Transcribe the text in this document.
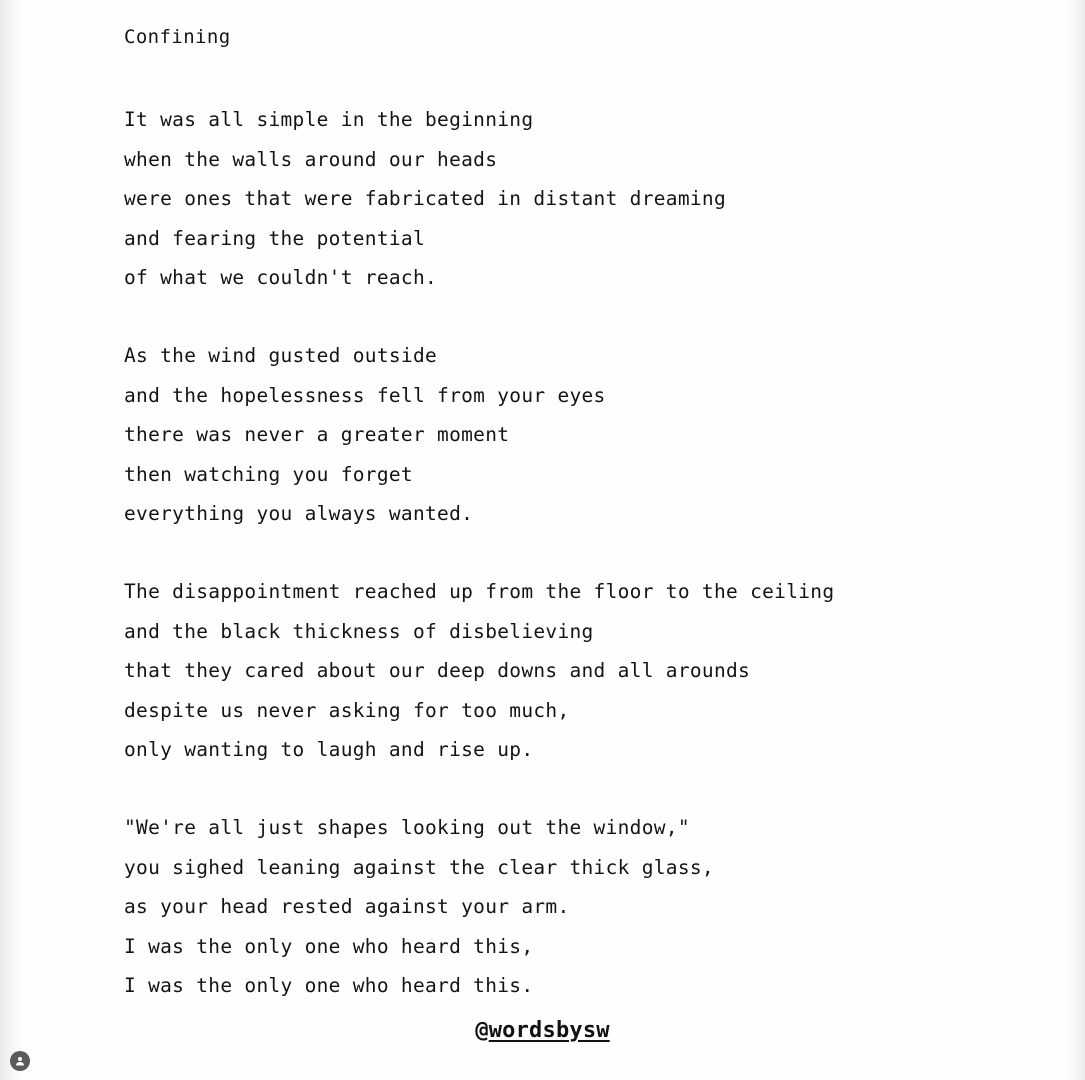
Confining
It was all simple in the beginning
when the walls around our heads
were ones that were fabricated in distant dreaming
and fearing the potential
of what we couldn't reach.
As the wind gusted outside
and the hopelessness fell from your eyes
there was never a greater moment
then watching you forget
everything you always wanted.
The disappointment reached up from the floor to the ceiling
and the black thickness of disbelieving
that they cared about our deep downs and all arounds
despite us never asking for too much,
only wanting to laugh and rise up.
"We're all just shapes looking out the window,"
you sighed leaning against the clear thick glass,
as your head rested against your arm.
I was the only one who heard this,
I was the only one who heard this.
@wordsbysw
